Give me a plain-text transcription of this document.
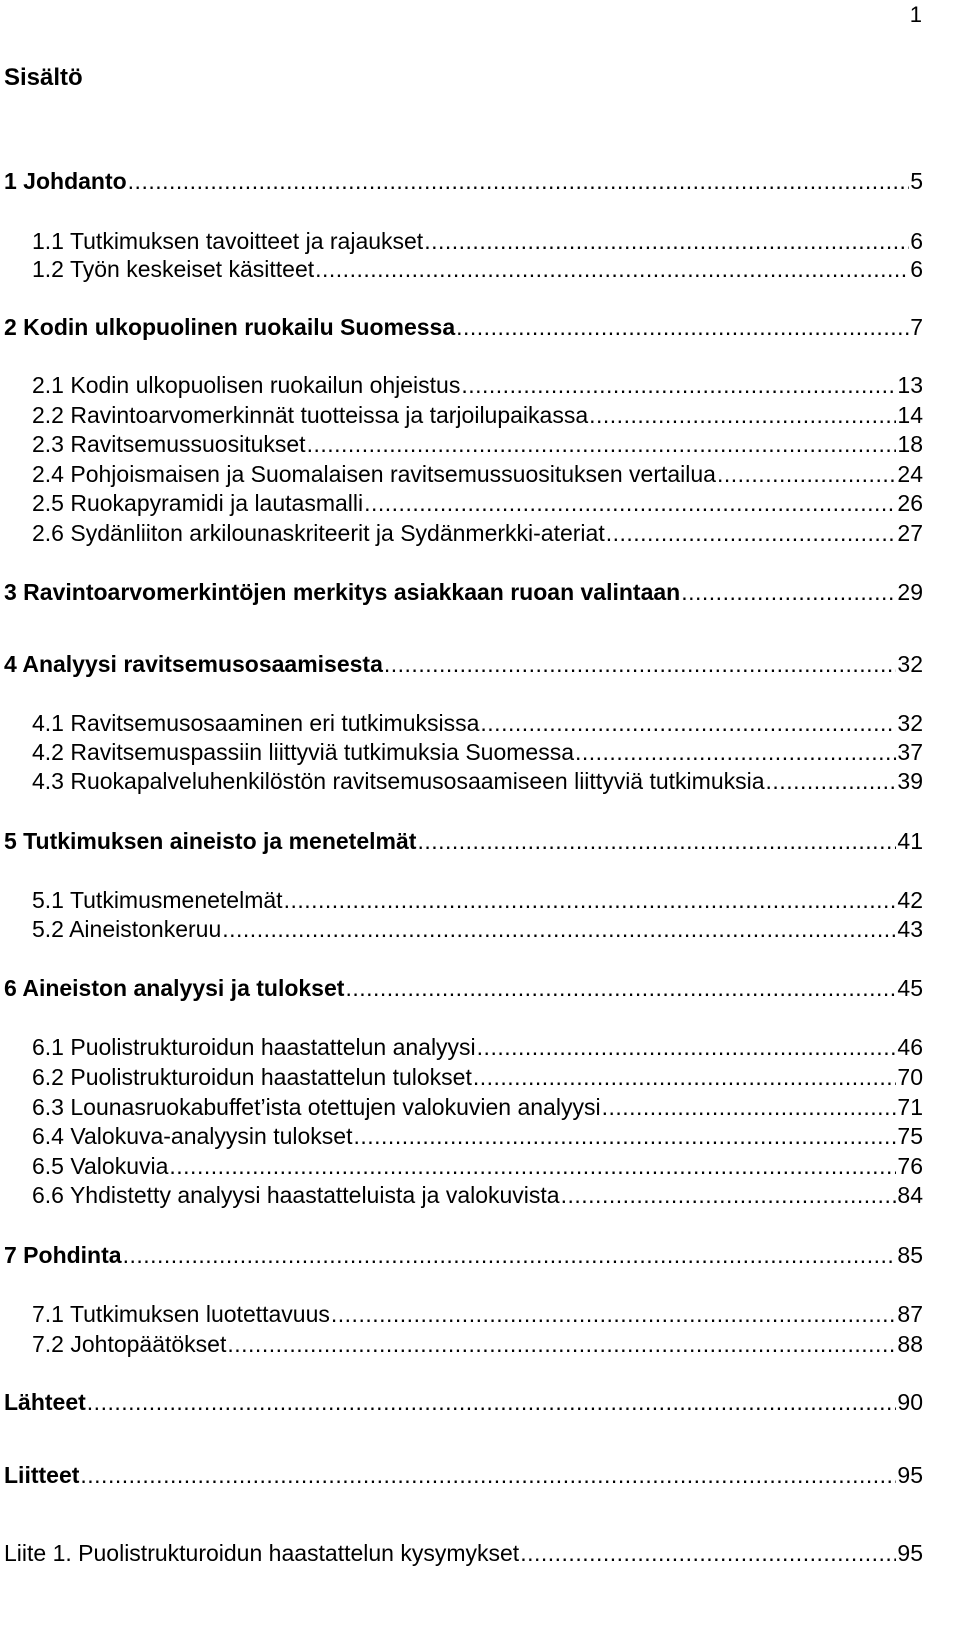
1
Sisältö
1 Johdanto .....	5
1.1 Tutkimuksen tavoitteet ja rajaukset .....	6
1.2 Työn keskeiset käsitteet .....	6
2 Kodin ulkopuolinen ruokailu Suomessa .....	7
2.1 Kodin ulkopuolisen ruokailun ohjeistus .....	13
2.2 Ravintoarvomerkinnät tuotteissa ja tarjoilupaikassa .....	14
2.3 Ravitsemussuositukset .....	18
2.4 Pohjoismaisen ja Suomalaisen ravitsemussuosituksen vertailua .....	24
2.5 Ruokapyramidi ja lautasmalli .....	26
2.6 Sydänliiton arkilounaskriteerit ja Sydänmerkki-ateriat .....	27
3 Ravintoarvomerkintöjen merkitys asiakkaan ruoan valintaan .....	29
4 Analyysi ravitsemusosaamisesta .....	32
4.1 Ravitsemusosaaminen eri tutkimuksissa .....	32
4.2 Ravitsemuspassiin liittyviä tutkimuksia Suomessa .....	37
4.3 Ruokapalveluhenkilöstön ravitsemusosaamiseen liittyviä tutkimuksia .....	39
5 Tutkimuksen aineisto ja menetelmät .....	41
5.1 Tutkimusmenetelmät .....	42
5.2 Aineistonkeruu .....	43
6 Aineiston analyysi ja tulokset .....	45
6.1 Puolistrukturoidun haastattelun analyysi .....	46
6.2 Puolistrukturoidun haastattelun tulokset .....	70
6.3 Lounasruokabuffet’ista otettujen valokuvien analyysi .....	71
6.4 Valokuva-analyysin tulokset .....	75
6.5 Valokuvia .....	76
6.6 Yhdistetty analyysi haastatteluista ja valokuvista .....	84
7 Pohdinta .....	85
7.1 Tutkimuksen luotettavuus .....	87
7.2 Johtopäätökset .....	88
Lähteet .....	90
Liitteet .....	95
Liite 1. Puolistrukturoidun haastattelun kysymykset .....	95
